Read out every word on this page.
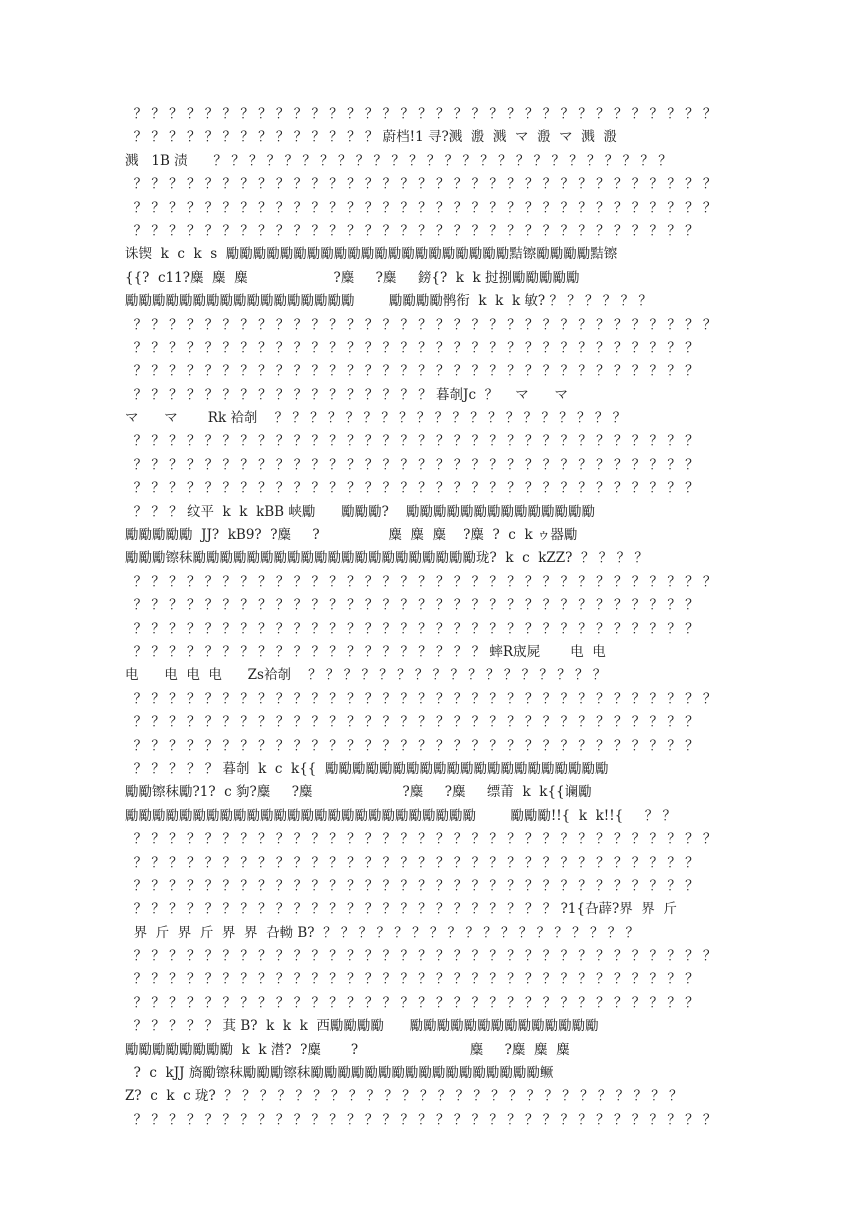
？ ？ ？ ？ ？ ？ ？ ？ ？ ？ ？ ？ ？ ？ ？ ？ ？ ？ ？ ？ ？ ？ ？ ？ ？ ？ ？ ？ ？ ？ ？ ？ ？
？ ？ ？ ？ ？ ？ ？ ？ ？ ？ ？ ？ ？ ？ 蔚档!1 寻?溅  溵  溅  マ  溵  マ  溅  溵
溅   1B 渍      ？ ？ ？ ？ ？ ？ ？ ？ ？ ？ ？ ？ ？ ？ ？ ？ ？ ？ ？ ？ ？ ？ ？ ？ ？ ？
？ ？ ？ ？ ？ ？ ？ ？ ？ ？ ？ ？ ？ ？ ？ ？ ？ ？ ？ ？ ？ ？ ？ ？ ？ ？ ？ ？ ？ ？ ？ ？ ？
？ ？ ？ ？ ？ ？ ？ ？ ？ ？ ？ ？ ？ ？ ？ ？ ？ ？ ？ ？ ？ ？ ？ ？ ？ ？ ？ ？ ？ ？ ？ ？ ？
？ ？ ？ ？ ？ ？ ？ ？ ？ ？ ？ ？ ？ ？ ？ ？ ？ ？ ？ ？ ？ ？ ？ ？ ？ ？ ？ ？ ？ ？ ？ ？
诛锲  k  c  k  s  勵勵勵勵勵勵勵勵勵勵勵勵勵勵勵勵勵勵勵勵勵黠镲勵勵勵勵黠镲
{{?  c11?麋  麋  麋                    ?麋     ?麋     鎊{?  k  k 挝捌勵勵勵勵勵
勵勵勵勵勵勵勵勵勵勵勵勵勵勵勵勵勵        勵勵勵勵鹘衔  k  k  k 敏? ？ ？ ？ ？ ？ ？
？ ？ ？ ？ ？ ？ ？ ？ ？ ？ ？ ？ ？ ？ ？ ？ ？ ？ ？ ？ ？ ？ ？ ？ ？ ？ ？ ？ ？ ？ ？ ？ ？
？ ？ ？ ？ ？ ？ ？ ？ ？ ？ ？ ？ ？ ？ ？ ？ ？ ？ ？ ？ ？ ？ ？ ？ ？ ？ ？ ？ ？ ？ ？ ？
？ ？ ？ ？ ？ ？ ？ ？ ？ ？ ？ ？ ？ ？ ？ ？ ？ ？ ？ ？ ？ ？ ？ ？ ？ ？ ？ ？ ？ ？ ？ ？
？ ？ ？ ？ ？ ？ ？ ？ ？ ？ ？ ？ ？ ？ ？ ？ ？ 暮剞Jc  ？    マ      マ
マ      マ       Rk 袷剞    ？ ？ ？ ？ ？ ？ ？ ？ ？ ？ ？ ？ ？ ？ ？ ？ ？ ？ ？ ？
？ ？ ？ ？ ？ ？ ？ ？ ？ ？ ？ ？ ？ ？ ？ ？ ？ ？ ？ ？ ？ ？ ？ ？ ？ ？ ？ ？ ？ ？ ？ ？
？ ？ ？ ？ ？ ？ ？ ？ ？ ？ ？ ？ ？ ？ ？ ？ ？ ？ ？ ？ ？ ？ ？ ？ ？ ？ ？ ？ ？ ？ ？ ？
？ ？ ？ ？ ？ ？ ？ ？ ？ ？ ？ ？ ？ ？ ？ ？ ？ ？ ？ ？ ？ ？ ？ ？ ？ ？ ？ ？ ？ ？ ？ ？
？ ？ ？ 纹平  k  k  kBB 峡勵      勵勵勵?    勵勵勵勵勵勵勵勵勵勵勵勵勵勵
勵勵勵勵勵  JJ?  kB9?  ?麋     ?                麋  麋  麋    ?麋  ?  c  k ゥ器勵
勵勵勵镲秣勵勵勵勵勵勵勵勵勵勵勵勵勵勵勵勵勵勵勵勵勵珑?  k  c  kZZ?  ？ ？ ？ ？
？ ？ ？ ？ ？ ？ ？ ？ ？ ？ ？ ？ ？ ？ ？ ？ ？ ？ ？ ？ ？ ？ ？ ？ ？ ？ ？ ？ ？ ？ ？ ？ ？
？ ？ ？ ？ ？ ？ ？ ？ ？ ？ ？ ？ ？ ？ ？ ？ ？ ？ ？ ？ ？ ？ ？ ？ ？ ？ ？ ？ ？ ？ ？ ？
？ ？ ？ ？ ？ ？ ？ ？ ？ ？ ？ ？ ？ ？ ？ ？ ？ ？ ？ ？ ？ ？ ？ ？ ？ ？ ？ ？ ？ ？ ？ ？
？ ？ ？ ？ ？ ？ ？ ？ ？ ？ ？ ？ ？ ？ ？ ？ ？ ？ ？ ？ 蟀R宬屍       电  电
电      电  电  电      Zs袷剞    ？ ？ ？ ？ ？ ？ ？ ？ ？ ？ ？ ？ ？ ？ ？ ？ ？
？ ？ ？ ？ ？ ？ ？ ？ ？ ？ ？ ？ ？ ？ ？ ？ ？ ？ ？ ？ ？ ？ ？ ？ ？ ？ ？ ？ ？ ？ ？ ？ ？
？ ？ ？ ？ ？ ？ ？ ？ ？ ？ ？ ？ ？ ？ ？ ？ ？ ？ ？ ？ ？ ？ ？ ？ ？ ？ ？ ？ ？ ？ ？ ？
？ ？ ？ ？ ？ ？ ？ ？ ？ ？ ？ ？ ？ ？ ？ ？ ？ ？ ？ ？ ？ ？ ？ ？ ？ ？ ？ ？ ？ ？ ？ ？
？ ？ ？ ？ ？ 暮剞  k  c  k{{  勵勵勵勵勵勵勵勵勵勵勵勵勵勵勵勵勵勵勵勵勵
勵勵镲秣勵?1?  c 豿?麋     ?麋                     ?麋     ?麋     缥莆  k  k{{谰勵
勵勵勵勵勵勵勵勵勵勵勵勵勵勵勵勵勵勵勵勵勵勵勵勵勵勵        勵勵勵!!{  k  k!!{     ？ ？
？ ？ ？ ？ ？ ？ ？ ？ ？ ？ ？ ？ ？ ？ ？ ？ ？ ？ ？ ？ ？ ？ ？ ？ ？ ？ ？ ？ ？ ？ ？ ？ ？
？ ？ ？ ？ ？ ？ ？ ？ ？ ？ ？ ？ ？ ？ ？ ？ ？ ？ ？ ？ ？ ？ ？ ？ ？ ？ ？ ？ ？ ？ ？ ？
？ ？ ？ ？ ？ ？ ？ ？ ？ ？ ？ ？ ？ ？ ？ ？ ？ ？ ？ ？ ？ ？ ？ ？ ？ ？ ？ ？ ？ ？ ？ ？
？ ？ ？ ？ ？ ？ ？ ？ ？ ？ ？ ？ ？ ？ ？ ？ ？ ？ ？ ？ ？ ？ ？ ？ ?1{叴薜?界  界  斤
界  斤  界  斤  界  界  叴軪 B?  ？ ？ ？ ？ ？ ？ ？ ？ ？ ？ ？ ？ ？ ？ ？ ？ ？ ？
？ ？ ？ ？ ？ ？ ？ ？ ？ ？ ？ ？ ？ ？ ？ ？ ？ ？ ？ ？ ？ ？ ？ ？ ？ ？ ？ ？ ？ ？ ？ ？ ？
？ ？ ？ ？ ？ ？ ？ ？ ？ ？ ？ ？ ？ ？ ？ ？ ？ ？ ？ ？ ？ ？ ？ ？ ？ ？ ？ ？ ？ ？ ？ ？
？ ？ ？ ？ ？ ？ ？ ？ ？ ？ ？ ？ ？ ？ ？ ？ ？ ？ ？ ？ ？ ？ ？ ？ ？ ？ ？ ？ ？ ？ ？ ？
？ ？ ？ ？ ？ 萁 B?  k  k  k  西勵勵勵勵      勵勵勵勵勵勵勵勵勵勵勵勵勵勵
勵勵勵勵勵勵勵勵  k  k 澘?  ?麋       ?                          麋     ?麋  麋  麋
?  c  kJJ 旖勵镲秣勵勵勵镲秣勵勵勵勵勵勵勵勵勵勵勵勵勵勵勵勵勵鳜
Z?  c  k  c 珑?  ？ ？ ？ ？ ？ ？ ？ ？ ？ ？ ？ ？ ？ ？ ？ ？ ？ ？ ？ ？ ？ ？ ？ ？ ？ ？
？ ？ ？ ？ ？ ？ ？ ？ ？ ？ ？ ？ ？ ？ ？ ？ ？ ？ ？ ？ ？ ？ ？ ？ ？ ？ ？ ？ ？ ？ ？ ？ ？
